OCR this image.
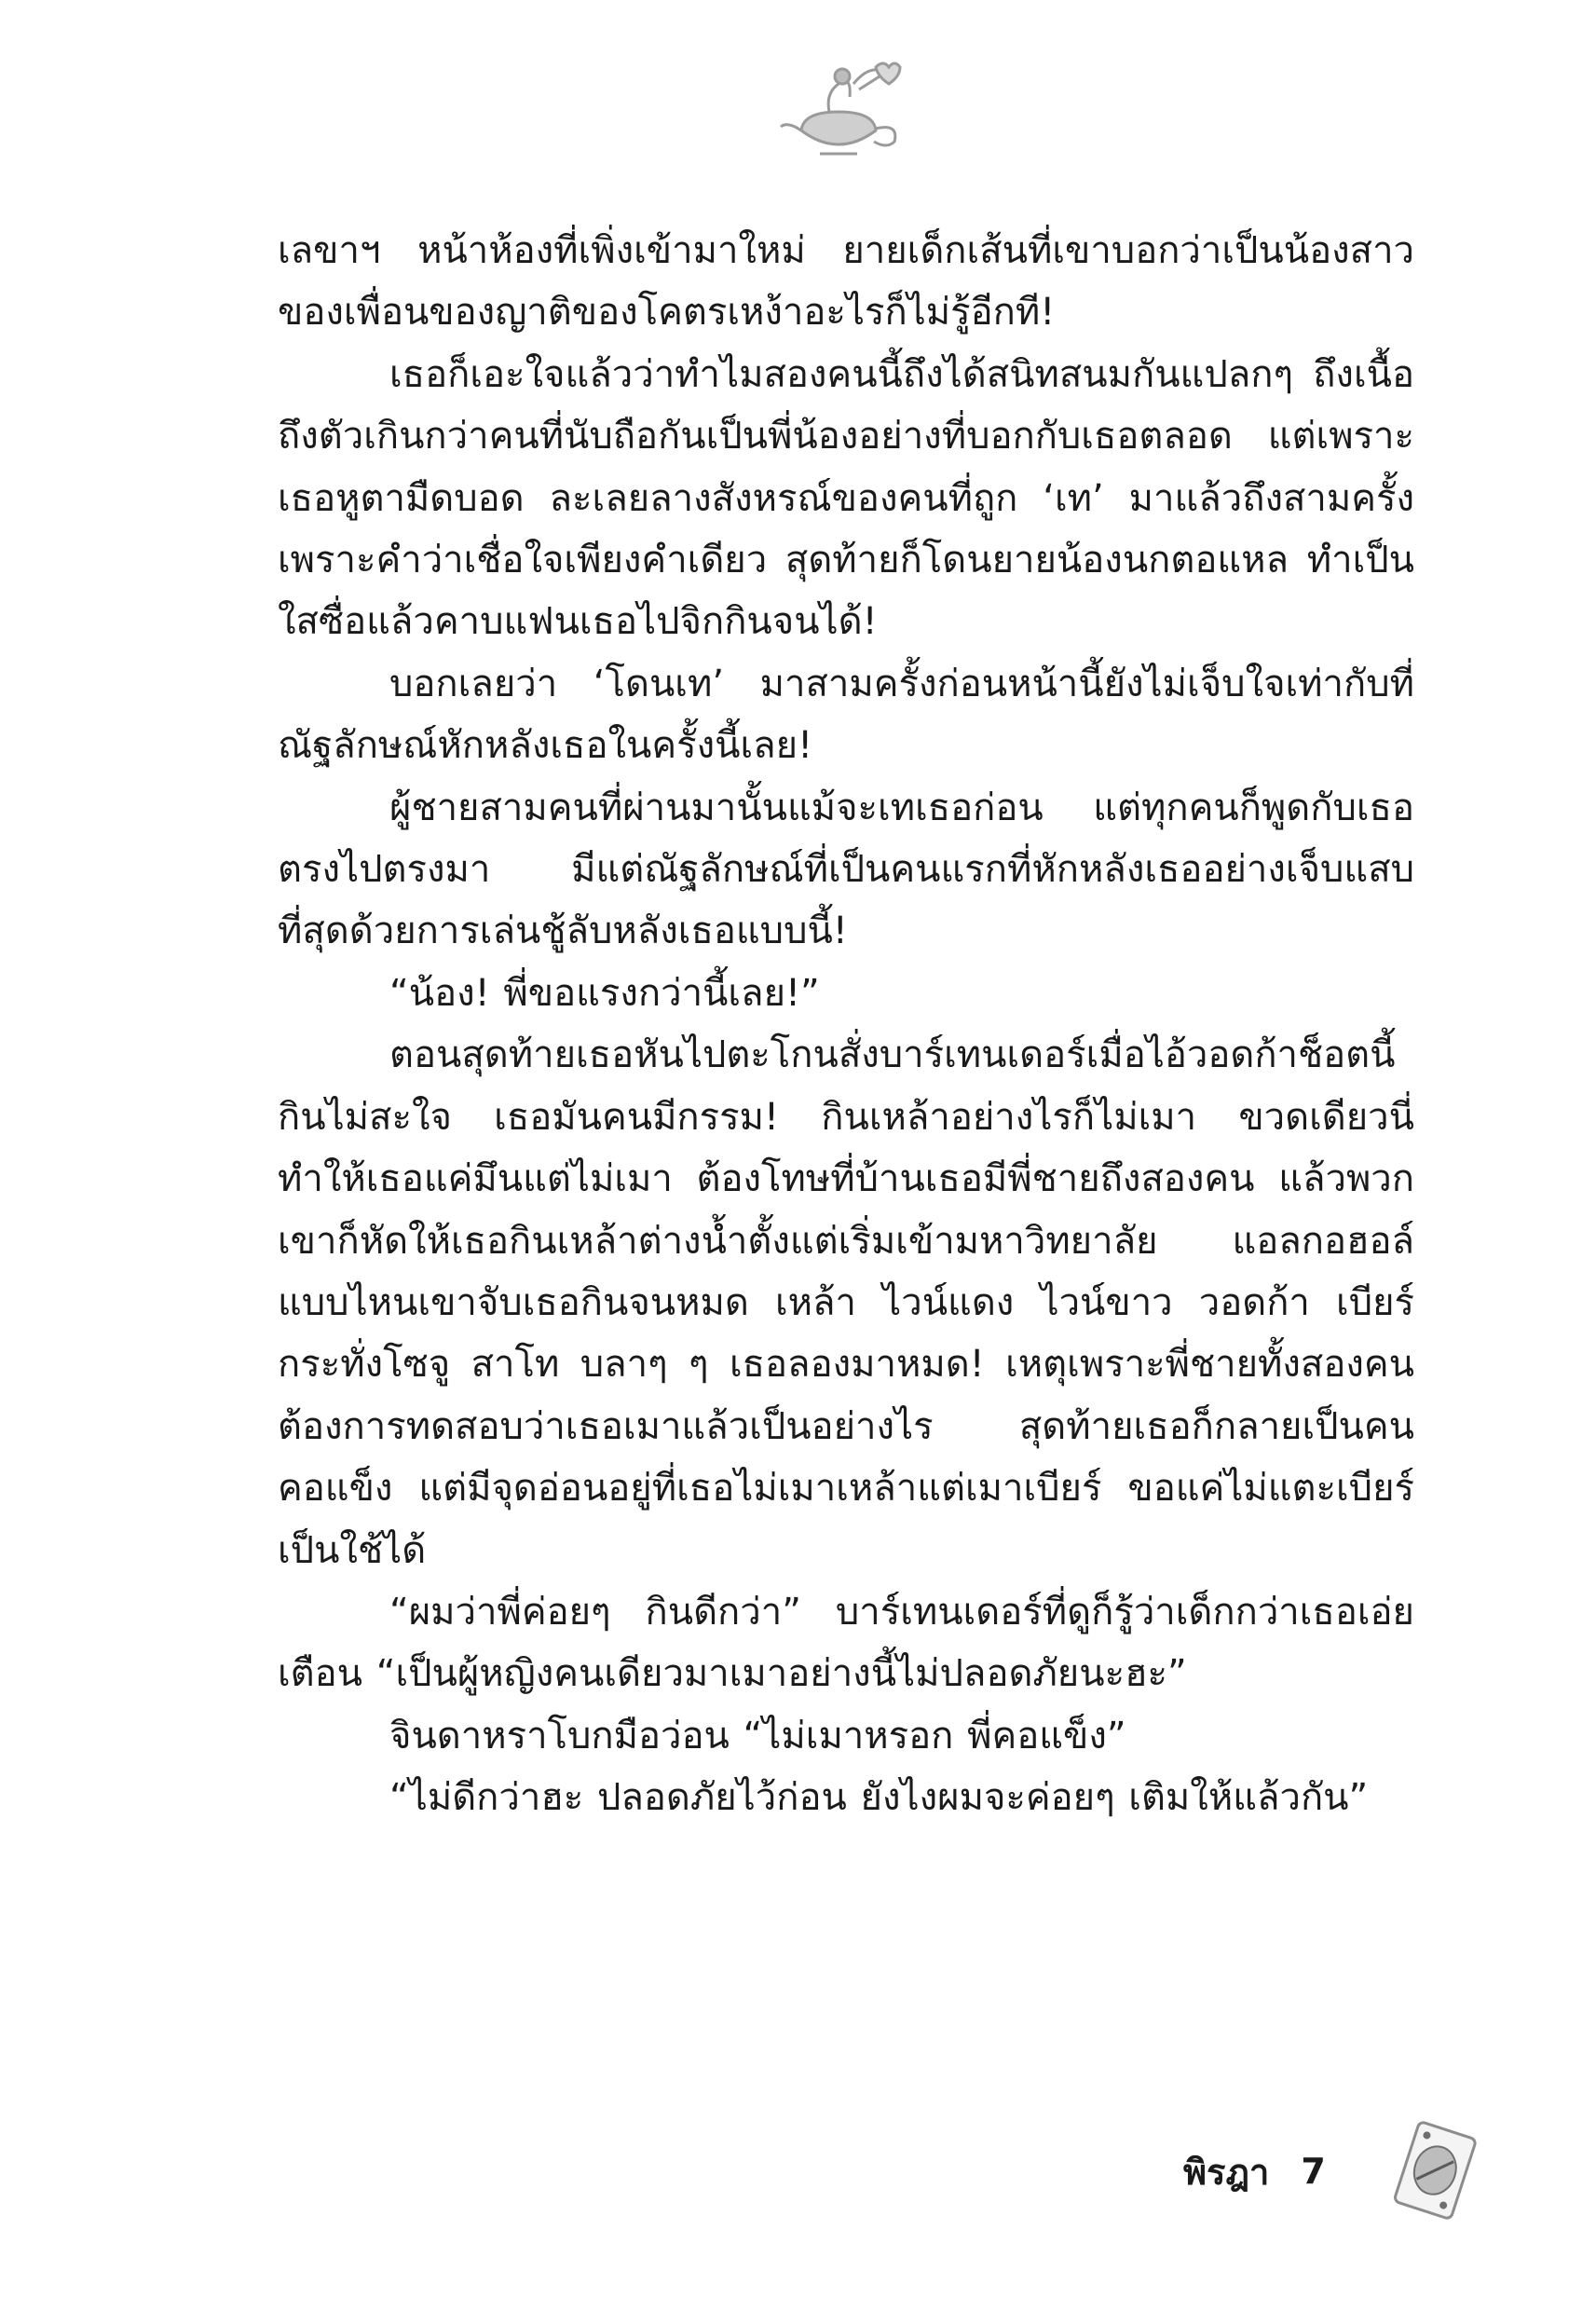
เลขาฯ หน้าห้องที่เพิ่งเข้ามาใหม่ ยายเด็กเส้นที่เขาบอกว่าเป็นน้องสาวของเพื่อนของญาติของโคตรเหง้าอะไรก็ไม่รู้อีกที!

เธอก็เอะใจแล้วว่าทำไมสองคนนี้ถึงได้สนิทสนมกันแปลกๆ ถึงเนื้อถึงตัวเกินกว่าคนที่นับถือกันเป็นพี่น้องอย่างที่บอกกับเธอตลอด แต่เพราะเธอหูตามืดบอด ละเลยลางสังหรณ์ของคนที่ถูก ‘เท’ มาแล้วถึงสามครั้งเพราะคำว่าเชื่อใจเพียงคำเดียว สุดท้ายก็โดนยายน้องนกตอแหล ทำเป็นใสซื่อแล้วคาบแฟนเธอไปจิกกินจนได้!

บอกเลยว่า ‘โดนเท’ มาสามครั้งก่อนหน้านี้ยังไม่เจ็บใจเท่ากับที่ณัฐลักษณ์หักหลังเธอในครั้งนี้เลย!

ผู้ชายสามคนที่ผ่านมานั้นแม้จะเทเธอก่อน แต่ทุกคนก็พูดกับเธอตรงไปตรงมา มีแต่ณัฐลักษณ์ที่เป็นคนแรกที่หักหลังเธออย่างเจ็บแสบที่สุดด้วยการเล่นชู้ลับหลังเธอแบบนี้!

“น้อง! พี่ขอแรงกว่านี้เลย!”

ตอนสุดท้ายเธอหันไปตะโกนสั่งบาร์เทนเดอร์เมื่อไอ้วอดก้าช็อตนี้กินไม่สะใจ เธอมันคนมีกรรม! กินเหล้าอย่างไรก็ไม่เมา ขวดเดียวนี่ทำให้เธอแค่มึนแต่ไม่เมา ต้องโทษที่บ้านเธอมีพี่ชายถึงสองคน แล้วพวกเขาก็หัดให้เธอกินเหล้าต่างน้ำตั้งแต่เริ่มเข้ามหาวิทยาลัย แอลกอฮอล์แบบไหนเขาจับเธอกินจนหมด เหล้า ไวน์แดง ไวน์ขาว วอดก้า เบียร์ กระทั่งโซจู สาโท บลาๆ ๆ เธอลองมาหมด! เหตุเพราะพี่ชายทั้งสองคนต้องการทดสอบว่าเธอเมาแล้วเป็นอย่างไร สุดท้ายเธอก็กลายเป็นคนคอแข็ง แต่มีจุดอ่อนอยู่ที่เธอไม่เมาเหล้าแต่เมาเบียร์ ขอแค่ไม่แตะเบียร์เป็นใช้ได้

“ผมว่าพี่ค่อยๆ กินดีกว่า” บาร์เทนเดอร์ที่ดูก็รู้ว่าเด็กกว่าเธอเอ่ยเตือน “เป็นผู้หญิงคนเดียวมาเมาอย่างนี้ไม่ปลอดภัยนะฮะ”

จินดาหราโบกมือว่อน “ไม่เมาหรอก พี่คอแข็ง”

“ไม่ดีกว่าฮะ ปลอดภัยไว้ก่อน ยังไงผมจะค่อยๆ เติมให้แล้วกัน”

พิรฎา 7
